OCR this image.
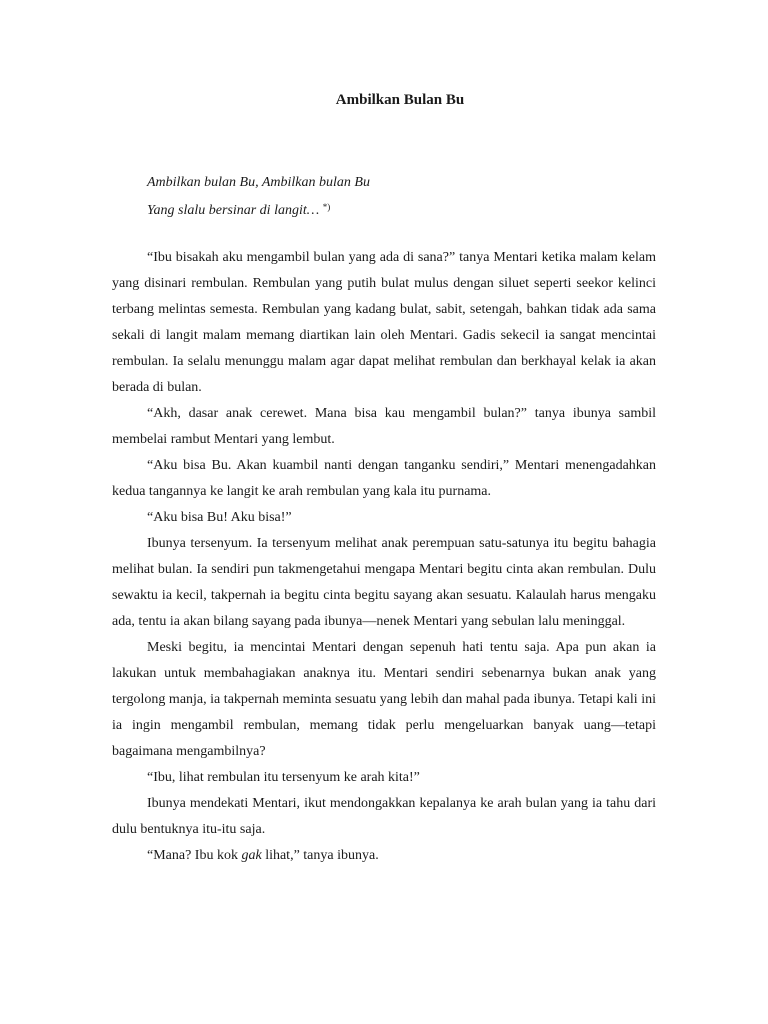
Ambilkan Bulan Bu

Ambilkan bulan Bu, Ambilkan bulan Bu

Yang slalu bersinar di langit… *)

“Ibu bisakah aku mengambil bulan yang ada di sana?” tanya Mentari ketika malam kelam yang disinari rembulan. Rembulan yang putih bulat mulus dengan siluet seperti seekor kelinci terbang melintas semesta. Rembulan yang kadang bulat, sabit, setengah, bahkan tidak ada sama sekali di langit malam memang diartikan lain oleh Mentari. Gadis sekecil ia sangat mencintai rembulan. Ia selalu menunggu malam agar dapat melihat rembulan dan berkhayal kelak ia akan berada di bulan.

“Akh, dasar anak cerewet. Mana bisa kau mengambil bulan?” tanya ibunya sambil membelai rambut Mentari yang lembut.

“Aku bisa Bu. Akan kuambil nanti dengan tanganku sendiri,” Mentari menengadahkan kedua tangannya ke langit ke arah rembulan yang kala itu purnama.

“Aku bisa Bu! Aku bisa!”

Ibunya tersenyum. Ia tersenyum melihat anak perempuan satu-satunya itu begitu bahagia melihat bulan. Ia sendiri pun takmengetahui mengapa Mentari begitu cinta akan rembulan. Dulu sewaktu ia kecil, takpernah ia begitu cinta begitu sayang akan sesuatu. Kalaulah harus mengaku ada, tentu ia akan bilang sayang pada ibunya—nenek Mentari yang sebulan lalu meninggal.

Meski begitu, ia mencintai Mentari dengan sepenuh hati tentu saja. Apa pun akan ia lakukan untuk membahagiakan anaknya itu. Mentari sendiri sebenarnya bukan anak yang tergolong manja, ia takpernah meminta sesuatu yang lebih dan mahal pada ibunya. Tetapi kali ini ia ingin mengambil rembulan, memang tidak perlu mengeluarkan banyak uang—tetapi bagaimana mengambilnya?

“Ibu, lihat rembulan itu tersenyum ke arah kita!”

Ibunya mendekati Mentari, ikut mendongakkan kepalanya ke arah bulan yang ia tahu dari dulu bentuknya itu-itu saja.

“Mana? Ibu kok gak lihat,” tanya ibunya.
